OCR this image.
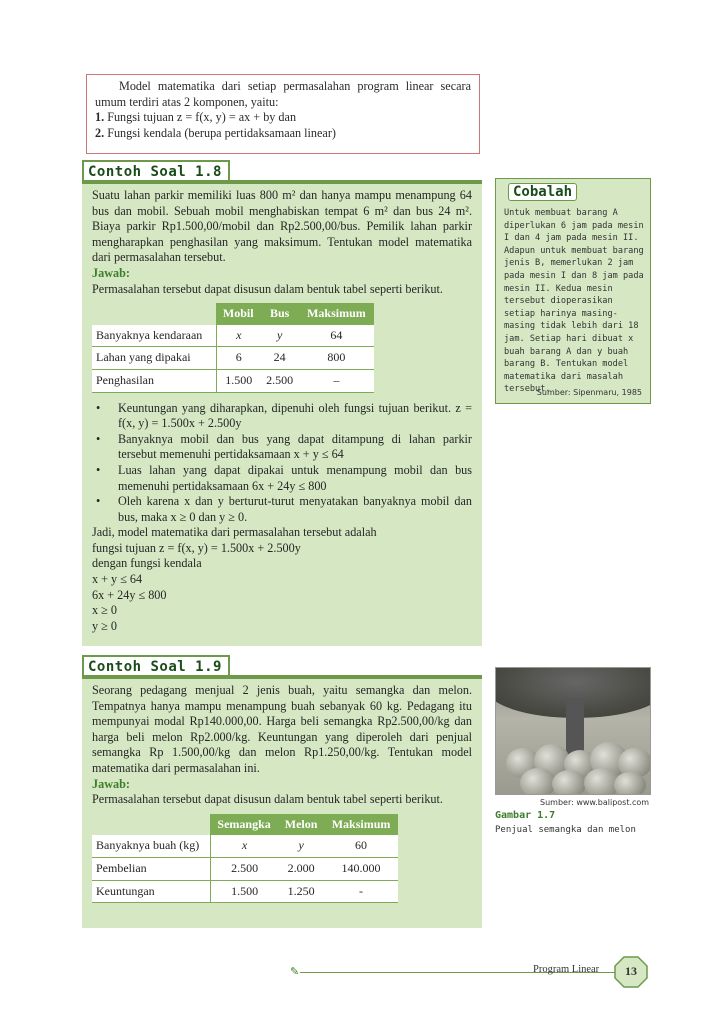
Model matematika dari setiap permasalahan program linear secara umum terdiri atas 2 komponen, yaitu:

1. Fungsi tujuan z = f(x, y) = ax + by dan
2. Fungsi kendala (berupa pertidaksamaan linear)
Contoh Soal 1.8

Suatu lahan parkir memiliki luas 800 m² dan hanya mampu menampung 64 bus dan mobil. Sebuah mobil menghabiskan tempat 6 m² dan bus 24 m². Biaya parkir Rp1.500,00/mobil dan Rp2.500,00/bus. Pemilik lahan parkir mengharapkan penghasilan yang maksimum. Tentukan model matematika dari permasalahan tersebut.

Jawab:

Permasalahan tersebut dapat disusun dalam bentuk tabel seperti berikut.

	Mobil	Bus	Maksimum
Banyaknya kendaraan	x	y	64
Lahan yang dipakai	6	24	800
Penghasilan	1.500	2.500	–
• Keuntungan yang diharapkan, dipenuhi oleh fungsi tujuan berikut. z = f(x, y) = 1.500x + 2.500y
• Banyaknya mobil dan bus yang dapat ditampung di lahan parkir tersebut memenuhi pertidaksamaan x + y ≤ 64
• Luas lahan yang dapat dipakai untuk menampung mobil dan bus memenuhi pertidaksamaan 6x + 24y ≤ 800
• Oleh karena x dan y berturut-turut menyatakan banyaknya mobil dan bus, maka x ≥ 0 dan y ≥ 0.

Jadi, model matematika dari permasalahan tersebut adalah

fungsi tujuan z = f(x, y) = 1.500x + 2.500y

dengan fungsi kendala

x + y ≤ 64

6x + 24y ≤ 800

x ≥ 0

y ≥ 0

Cobalah
Untuk membuat barang A diperlukan 6 jam pada mesin I dan 4 jam pada mesin II. Adapun untuk membuat barang jenis B, memerlukan 2 jam pada mesin I dan 8 jam pada mesin II. Kedua mesin tersebut dioperasikan setiap harinya masing-masing tidak lebih dari 18 jam. Setiap hari dibuat x buah barang A dan y buah barang B. Tentukan model matematika dari masalah tersebut.
Sumber: Sipenmaru, 1985
Contoh Soal 1.9

Seorang pedagang menjual 2 jenis buah, yaitu semangka dan melon. Tempatnya hanya mampu menampung buah sebanyak 60 kg. Pedagang itu mempunyai modal Rp140.000,00. Harga beli semangka Rp2.500,00/kg dan harga beli melon Rp2.000/kg. Keuntungan yang diperoleh dari penjual semangka Rp 1.500,00/kg dan melon Rp1.250,00/kg. Tentukan model matematika dari permasalahan ini.

Jawab:

Permasalahan tersebut dapat disusun dalam bentuk tabel seperti berikut.

	Semangka	Melon	Maksimum
Banyaknya buah (kg)	x	y	60
Pembelian	2.500	2.000	140.000
Keuntungan	1.500	1.250	-
Sumber: www.balipost.com
Gambar 1.7
Penjual semangka dan melon
✎	Program Linear	13
